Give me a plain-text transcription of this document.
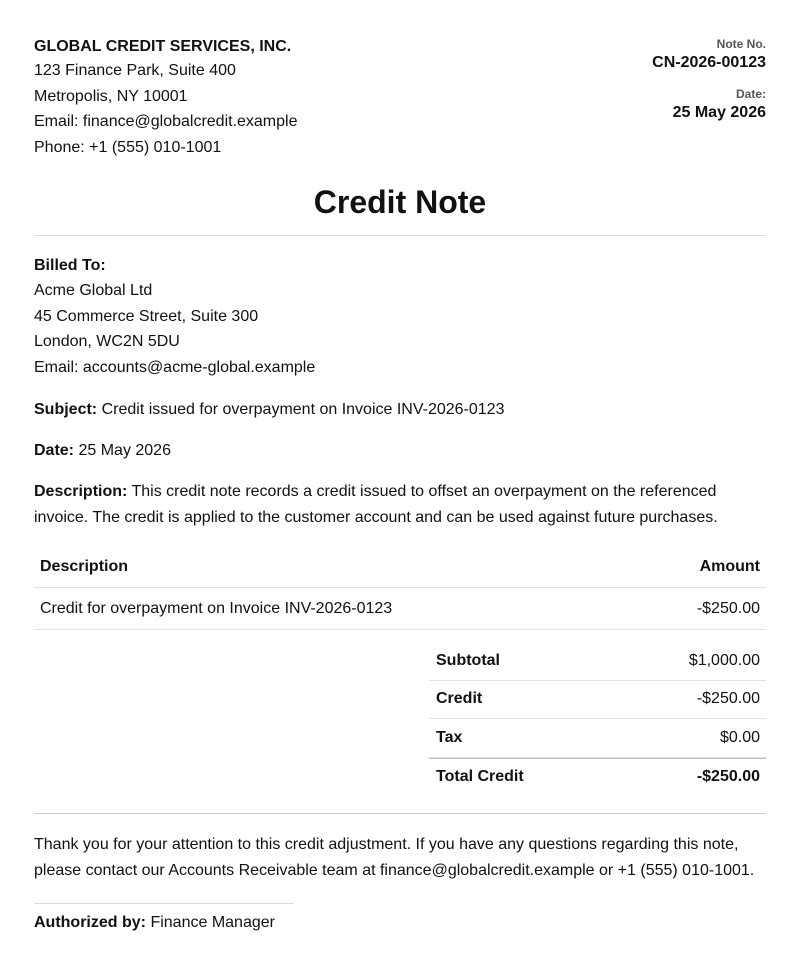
GLOBAL CREDIT SERVICES, INC.
123 Finance Park, Suite 400
Metropolis, NY 10001
Email: finance@globalcredit.example
Phone: +1 (555) 010-1001
Note No.
CN-2026-00123
Date:
25 May 2026
Credit Note
Billed To:
Acme Global Ltd
45 Commerce Street, Suite 300
London, WC2N 5DU
Email: accounts@acme-global.example
Subject: Credit issued for overpayment on Invoice INV-2026-0123
Date: 25 May 2026
Description: This credit note records a credit issued to offset an overpayment on the referenced invoice. The credit is applied to the customer account and can be used against future purchases.
Description	Amount
Credit for overpayment on Invoice INV-2026-0123	-$250.00
Subtotal	$1,000.00
Credit	-$250.00
Tax	$0.00
Total Credit	-$250.00
Thank you for your attention to this credit adjustment. If you have any questions regarding this note, please contact our Accounts Receivable team at finance@globalcredit.example or +1 (555) 010-1001.
Authorized by: Finance Manager
